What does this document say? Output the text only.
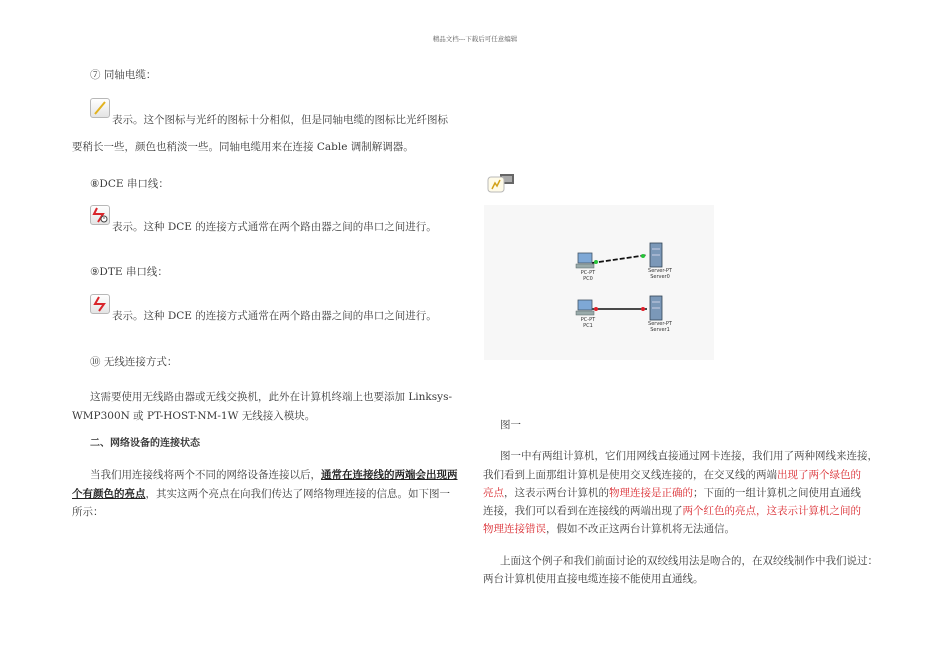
精品文档---下载后可任意编辑
⑦ 同轴电缆：
表示。这个图标与光纤的图标十分相似，但是同轴电缆的图标比光纤图标
要稍长一些，颜色也稍淡一些。同轴电缆用来在连接 Cable 调制解调器。
⑧DCE 串口线：
表示。这种 DCE 的连接方式通常在两个路由器之间的串口之间进行。
⑨DTE 串口线：
表示。这种 DCE 的连接方式通常在两个路由器之间的串口之间进行。
⑩ 无线连接方式：
这需要使用无线路由器或无线交换机，此外在计算机终端上也要添加 Linksys-
WMP300N 或 PT-HOST-NM-1W 无线接入模块。
二、网络设备的连接状态
当我们用连接线将两个不同的网络设备连接以后，通常在连接线的两端会出现两
个有颜色的亮点，其实这两个亮点在向我们传达了网络物理连接的信息。如下图一
所示：
PC-PT
PC0
Server-PT
Server0
PC-PT
PC1	Server-PT
Server1
图一
图一中有两组计算机，它们用网线直接通过网卡连接，我们用了两种网线来连接，
我们看到上面那组计算机是使用交叉线连接的，在交叉线的两端出现了两个绿色的
亮点，这表示两台计算机的物理连接是正确的；下面的一组计算机之间使用直通线
连接，我们可以看到在连接线的两端出现了两个红色的亮点，这表示计算机之间的
物理连接错误，假如不改正这两台计算机将无法通信。
上面这个例子和我们前面讨论的双绞线用法是吻合的，在双绞线制作中我们说过：
两台计算机使用直接电缆连接不能使用直通线。
